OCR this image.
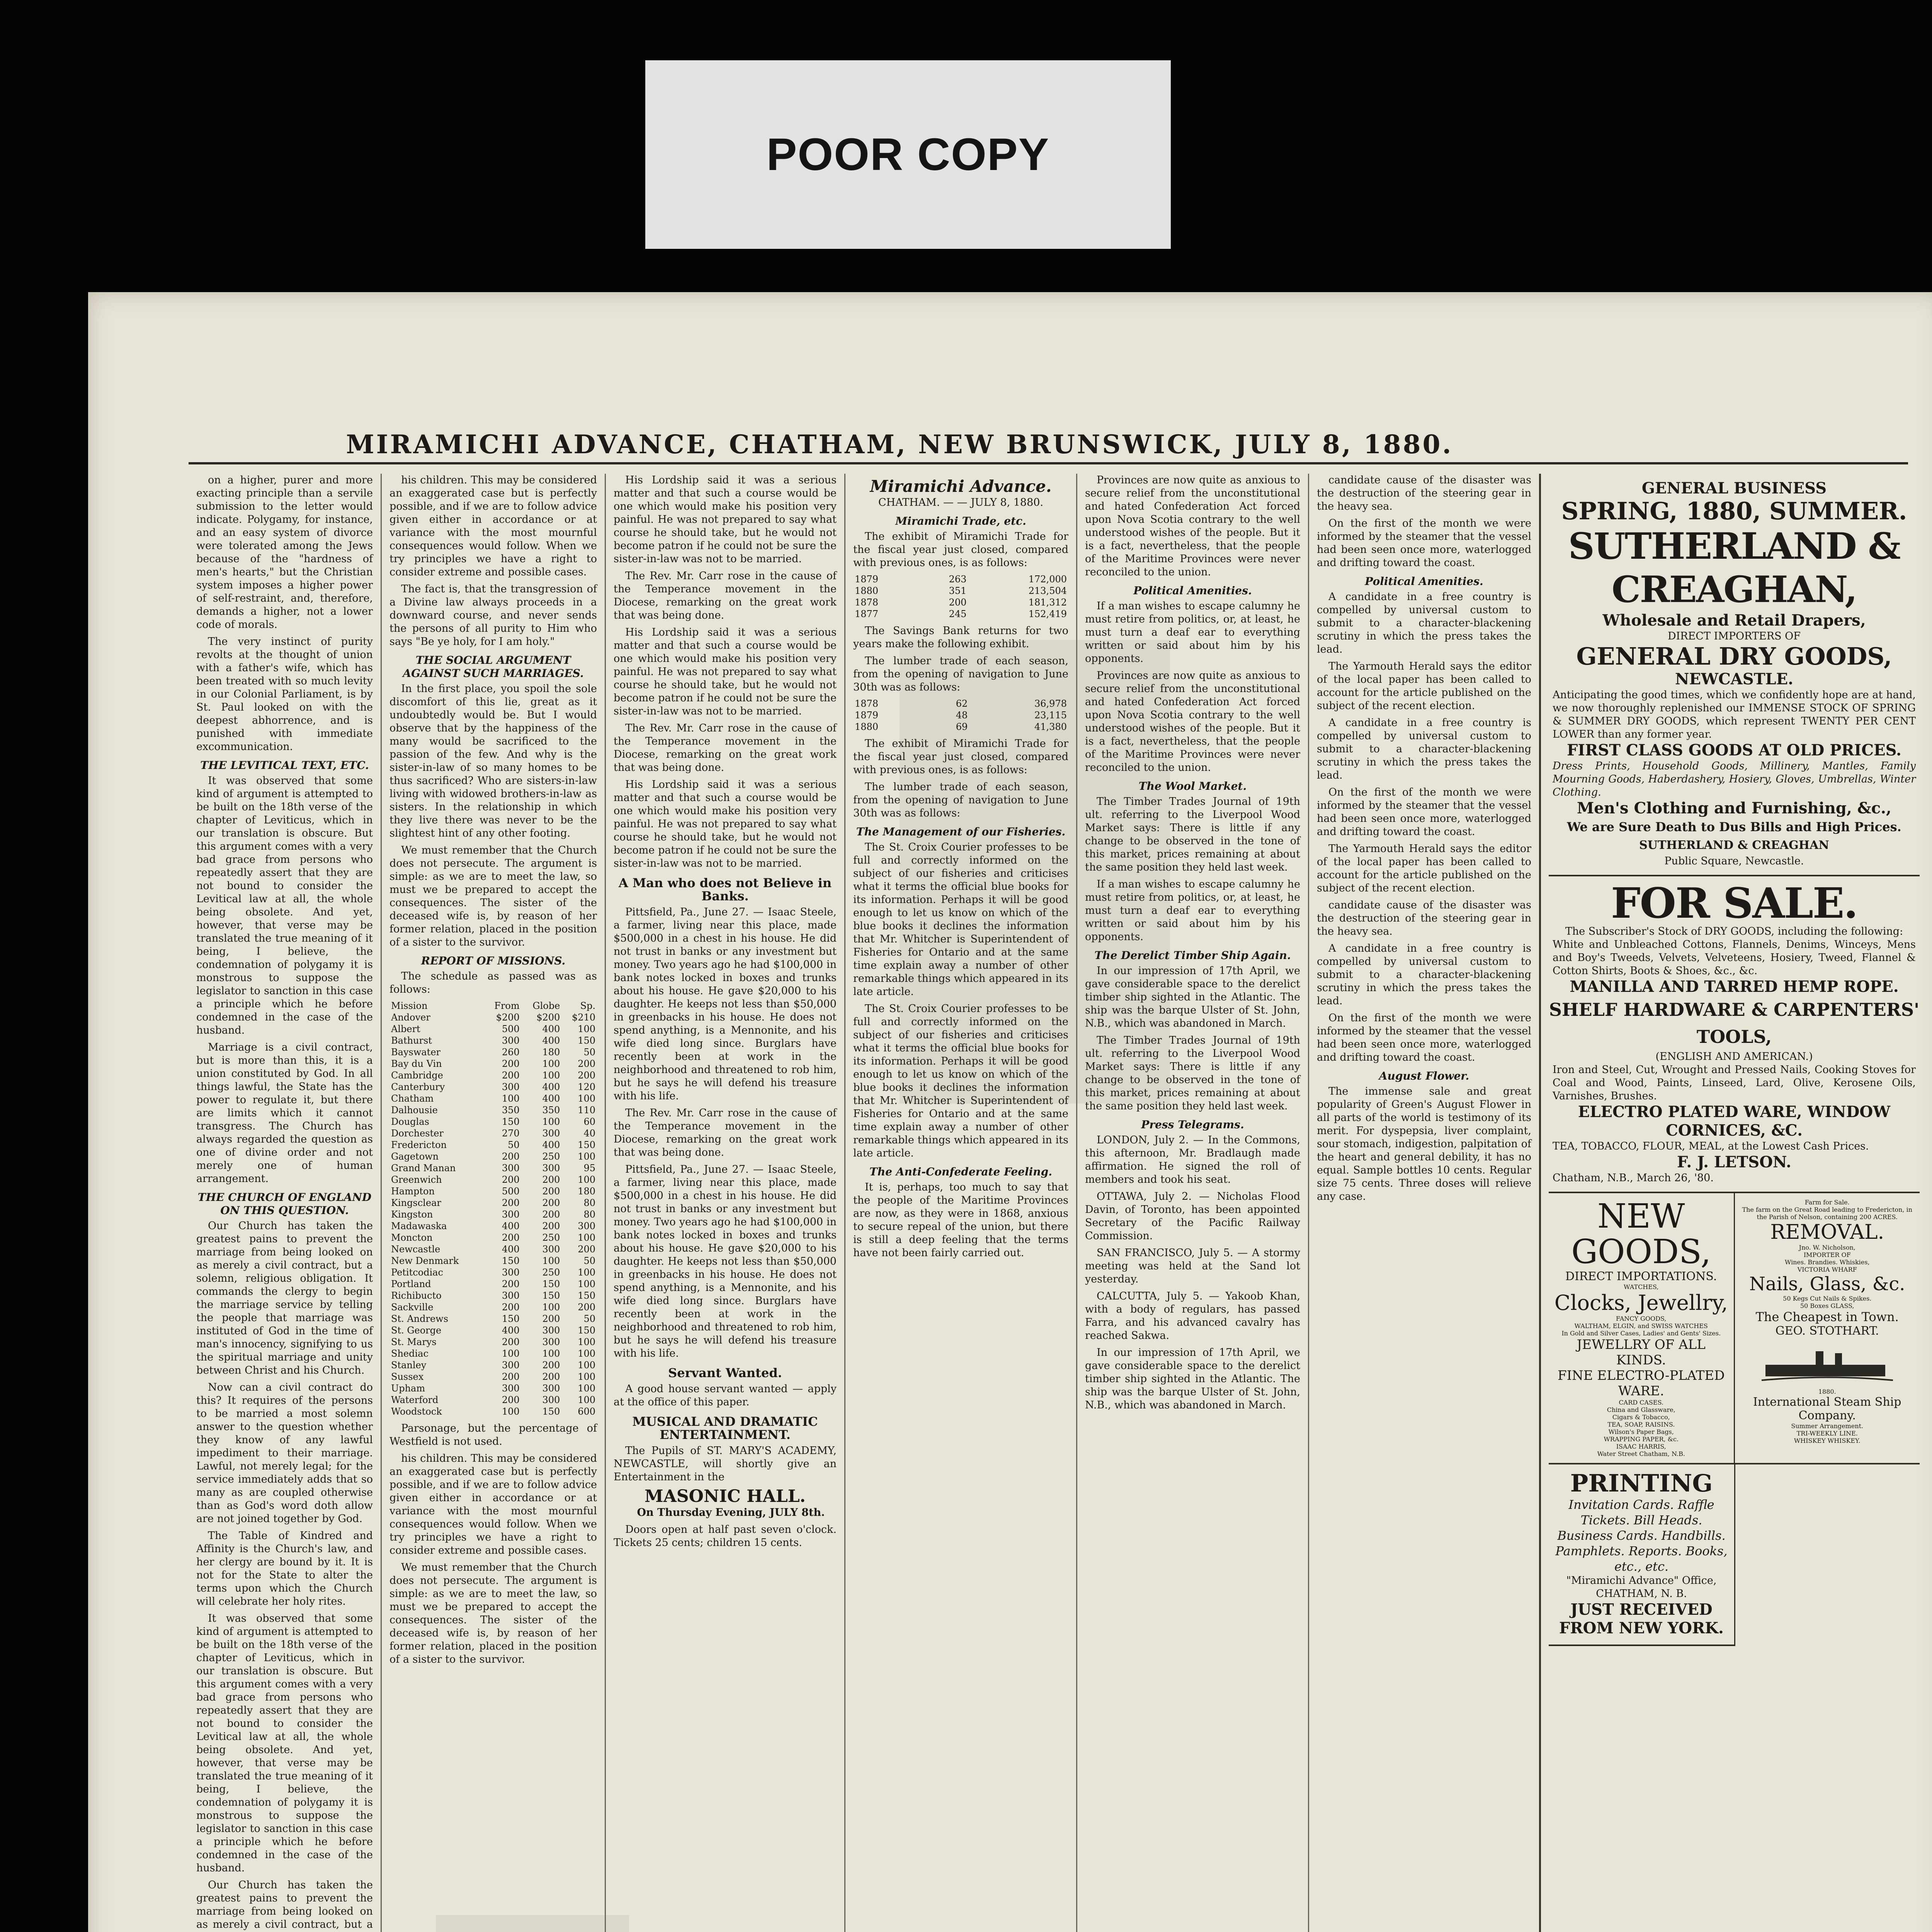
POOR COPY
MIRAMICHI ADVANCE, CHATHAM, NEW BRUNSWICK, JULY 8, 1880.

on a higher, purer and more exacting principle than a servile submission to the letter would indicate. Polygamy, for instance, and an easy system of divorce were tolerated among the Jews because of the "hardness of men's hearts," but the Christian system imposes a higher power of self-restraint, and, therefore, demands a higher, not a lower code of morals.

The very instinct of purity revolts at the thought of union with a father's wife, which has been treated with so much levity in our Colonial Parliament, is by St. Paul looked on with the deepest abhorrence, and is punished with immediate excommunication.

THE LEVITICAL TEXT, ETC.

It was observed that some kind of argument is attempted to be built on the 18th verse of the chapter of Leviticus, which in our translation is obscure. But this argument comes with a very bad grace from persons who repeatedly assert that they are not bound to consider the Levitical law at all, the whole being obsolete. And yet, however, that verse may be translated the true meaning of it being, I believe, the condemnation of polygamy it is monstrous to suppose the legislator to sanction in this case a principle which he before condemned in the case of the husband.

Marriage is a civil contract, but is more than this, it is a union constituted by God. In all things lawful, the State has the power to regulate it, but there are limits which it cannot transgress. The Church has always regarded the question as one of divine order and not merely one of human arrangement.

THE CHURCH OF ENGLAND ON THIS QUESTION.

Our Church has taken the greatest pains to prevent the marriage from being looked on as merely a civil contract, but a solemn, religious obligation. It commands the clergy to begin the marriage service by telling the people that marriage was instituted of God in the time of man's innocency, signifying to us the spiritual marriage and unity between Christ and his Church.

Now can a civil contract do this? It requires of the persons to be married a most solemn answer to the question whether they know of any lawful impediment to their marriage. Lawful, not merely legal; for the service immediately adds that so many as are coupled otherwise than as God's word doth allow are not joined together by God.

The Table of Kindred and Affinity is the Church's law, and her clergy are bound by it. It is not for the State to alter the terms upon which the Church will celebrate her holy rites.

It was observed that some kind of argument is attempted to be built on the 18th verse of the chapter of Leviticus, which in our translation is obscure. But this argument comes with a very bad grace from persons who repeatedly assert that they are not bound to consider the Levitical law at all, the whole being obsolete. And yet, however, that verse may be translated the true meaning of it being, I believe, the condemnation of polygamy it is monstrous to suppose the legislator to sanction in this case a principle which he before condemned in the case of the husband.

Our Church has taken the greatest pains to prevent the marriage from being looked on as merely a civil contract, but a

his children. This may be considered an exaggerated case but is perfectly possible, and if we are to follow advice given either in accordance or at variance with the most mournful consequences would follow. When we try principles we have a right to consider extreme and possible cases.

The fact is, that the transgression of a Divine law always proceeds in a downward course, and never sends the persons of all purity to Him who says "Be ye holy, for I am holy."

THE SOCIAL ARGUMENT AGAINST SUCH MARRIAGES.

In the first place, you spoil the sole discomfort of this lie, great as it undoubtedly would be. But I would observe that by the happiness of the many would be sacrificed to the passion of the few. And why is the sister-in-law of so many homes to be thus sacrificed? Who are sisters-in-law living with widowed brothers-in-law as sisters. In the relationship in which they live there was never to be the slightest hint of any other footing.

We must remember that the Church does not persecute. The argument is simple: as we are to meet the law, so must we be prepared to accept the consequences. The sister of the deceased wife is, by reason of her former relation, placed in the position of a sister to the survivor.

REPORT OF MISSIONS.

The schedule as passed was as follows:

Mission	From	Globe	Sp.
Andover	$200	$200	$210
Albert	500	400	100
Bathurst	300	400	150
Bayswater	260	180	50
Bay du Vin	200	100	200
Cambridge	200	100	200
Canterbury	300	400	120
Chatham	100	400	100
Dalhousie	350	350	110
Douglas	150	100	60
Dorchester	270	300	40
Fredericton	50	400	150
Gagetown	200	250	100
Grand Manan	300	300	95
Greenwich	200	200	100
Hampton	500	200	180
Kingsclear	200	200	80
Kingston	300	200	80
Madawaska	400	200	300
Moncton	200	250	100
Newcastle	400	300	200
New Denmark	150	100	50
Petitcodiac	300	250	100
Portland	200	150	100
Richibucto	300	150	150
Sackville	200	100	200
St. Andrews	150	200	50
St. George	400	300	150
St. Marys	200	300	100
Shediac	100	100	100
Stanley	300	200	100
Sussex	200	200	100
Upham	300	300	100
Waterford	200	300	100
Woodstock	100	150	600

Parsonage, but the percentage of Westfield is not used.

his children. This may be considered an exaggerated case but is perfectly possible, and if we are to follow advice given either in accordance or at variance with the most mournful consequences would follow. When we try principles we have a right to consider extreme and possible cases.

We must remember that the Church does not persecute. The argument is simple: as we are to meet the law, so must we be prepared to accept the consequences. The sister of the deceased wife is, by reason of her former relation, placed in the position of a sister to the survivor.

His Lordship said it was a serious matter and that such a course would be one which would make his position very painful. He was not prepared to say what course he should take, but he would not become patron if he could not be sure the sister-in-law was not to be married.

The Rev. Mr. Carr rose in the cause of the Temperance movement in the Diocese, remarking on the great work that was being done.

His Lordship said it was a serious matter and that such a course would be one which would make his position very painful. He was not prepared to say what course he should take, but he would not become patron if he could not be sure the sister-in-law was not to be married.

The Rev. Mr. Carr rose in the cause of the Temperance movement in the Diocese, remarking on the great work that was being done.

His Lordship said it was a serious matter and that such a course would be one which would make his position very painful. He was not prepared to say what course he should take, but he would not become patron if he could not be sure the sister-in-law was not to be married.

A Man who does not Believe in Banks.

Pittsfield, Pa., June 27. — Isaac Steele, a farmer, living near this place, made $500,000 in a chest in his house. He did not trust in banks or any investment but money. Two years ago he had $100,000 in bank notes locked in boxes and trunks about his house. He gave $20,000 to his daughter. He keeps not less than $50,000 in greenbacks in his house. He does not spend anything, is a Mennonite, and his wife died long since. Burglars have recently been at work in the neighborhood and threatened to rob him, but he says he will defend his treasure with his life.

The Rev. Mr. Carr rose in the cause of the Temperance movement in the Diocese, remarking on the great work that was being done.

Pittsfield, Pa., June 27. — Isaac Steele, a farmer, living near this place, made $500,000 in a chest in his house. He did not trust in banks or any investment but money. Two years ago he had $100,000 in bank notes locked in boxes and trunks about his house. He gave $20,000 to his daughter. He keeps not less than $50,000 in greenbacks in his house. He does not spend anything, is a Mennonite, and his wife died long since. Burglars have recently been at work in the neighborhood and threatened to rob him, but he says he will defend his treasure with his life.

Servant Wanted.

A good house servant wanted — apply at the office of this paper.

MUSICAL AND DRAMATIC ENTERTAINMENT.

The Pupils of ST. MARY'S ACADEMY, NEWCASTLE, will shortly give an Entertainment in the

MASONIC HALL.

On Thursday Evening, JULY 8th.

Doors open at half past seven o'clock. Tickets 25 cents; children 15 cents.

Miramichi Advance.

CHATHAM. — — JULY 8, 1880.

Miramichi Trade, etc.

The exhibit of Miramichi Trade for the fiscal year just closed, compared with previous ones, is as follows:

1879	263	172,000
1880	351	213,504
1878	200	181,312
1877	245	152,419

The Savings Bank returns for two years make the following exhibit.

The lumber trade of each season, from the opening of navigation to June 30th was as follows:

1878	62	36,978
1879	48	23,115
1880	69	41,380

The exhibit of Miramichi Trade for the fiscal year just closed, compared with previous ones, is as follows:

The lumber trade of each season, from the opening of navigation to June 30th was as follows:

The Management of our Fisheries.

The St. Croix Courier professes to be full and correctly informed on the subject of our fisheries and criticises what it terms the official blue books for its information. Perhaps it will be good enough to let us know on which of the blue books it declines the information that Mr. Whitcher is Superintendent of Fisheries for Ontario and at the same time explain away a number of other remarkable things which appeared in its late article.

The St. Croix Courier professes to be full and correctly informed on the subject of our fisheries and criticises what it terms the official blue books for its information. Perhaps it will be good enough to let us know on which of the blue books it declines the information that Mr. Whitcher is Superintendent of Fisheries for Ontario and at the same time explain away a number of other remarkable things which appeared in its late article.

The Anti-Confederate Feeling.

It is, perhaps, too much to say that the people of the Maritime Provinces are now, as they were in 1868, anxious to secure repeal of the union, but there is still a deep feeling that the terms have not been fairly carried out.

Provinces are now quite as anxious to secure relief from the unconstitutional and hated Confederation Act forced upon Nova Scotia contrary to the well understood wishes of the people. But it is a fact, nevertheless, that the people of the Maritime Provinces were never reconciled to the union.

Political Amenities.

If a man wishes to escape calumny he must retire from politics, or, at least, he must turn a deaf ear to everything written or said about him by his opponents.

Provinces are now quite as anxious to secure relief from the unconstitutional and hated Confederation Act forced upon Nova Scotia contrary to the well understood wishes of the people. But it is a fact, nevertheless, that the people of the Maritime Provinces were never reconciled to the union.

The Wool Market.

The Timber Trades Journal of 19th ult. referring to the Liverpool Wood Market says: There is little if any change to be observed in the tone of this market, prices remaining at about the same position they held last week.

If a man wishes to escape calumny he must retire from politics, or, at least, he must turn a deaf ear to everything written or said about him by his opponents.

The Derelict Timber Ship Again.

In our impression of 17th April, we gave considerable space to the derelict timber ship sighted in the Atlantic. The ship was the barque Ulster of St. John, N.B., which was abandoned in March.

The Timber Trades Journal of 19th ult. referring to the Liverpool Wood Market says: There is little if any change to be observed in the tone of this market, prices remaining at about the same position they held last week.

Press Telegrams.

LONDON, July 2. — In the Commons, this afternoon, Mr. Bradlaugh made affirmation. He signed the roll of members and took his seat.

OTTAWA, July 2. — Nicholas Flood Davin, of Toronto, has been appointed Secretary of the Pacific Railway Commission.

SAN FRANCISCO, July 5. — A stormy meeting was held at the Sand lot yesterday.

CALCUTTA, July 5. — Yakoob Khan, with a body of regulars, has passed Farra, and his advanced cavalry has reached Sakwa.

In our impression of 17th April, we gave considerable space to the derelict timber ship sighted in the Atlantic. The ship was the barque Ulster of St. John, N.B., which was abandoned in March.

candidate cause of the disaster was the destruction of the steering gear in the heavy sea.

On the first of the month we were informed by the steamer that the vessel had been seen once more, waterlogged and drifting toward the coast.

Political Amenities.

A candidate in a free country is compelled by universal custom to submit to a character-blackening scrutiny in which the press takes the lead.

The Yarmouth Herald says the editor of the local paper has been called to account for the article published on the subject of the recent election.

A candidate in a free country is compelled by universal custom to submit to a character-blackening scrutiny in which the press takes the lead.

On the first of the month we were informed by the steamer that the vessel had been seen once more, waterlogged and drifting toward the coast.

The Yarmouth Herald says the editor of the local paper has been called to account for the article published on the subject of the recent election.

candidate cause of the disaster was the destruction of the steering gear in the heavy sea.

A candidate in a free country is compelled by universal custom to submit to a character-blackening scrutiny in which the press takes the lead.

On the first of the month we were informed by the steamer that the vessel had been seen once more, waterlogged and drifting toward the coast.

August Flower.

The immense sale and great popularity of Green's August Flower in all parts of the world is testimony of its merit. For dyspepsia, liver complaint, sour stomach, indigestion, palpitation of the heart and general debility, it has no equal. Sample bottles 10 cents. Regular size 75 cents. Three doses will relieve any case.

GENERAL BUSINESS
SPRING, 1880, SUMMER.
SUTHERLAND & CREAGHAN,
Wholesale and Retail Drapers,
DIRECT IMPORTERS OF
GENERAL DRY GOODS,
NEWCASTLE.
Anticipating the good times, which we confidently hope are at hand, we now thoroughly replenished our IMMENSE STOCK OF SPRING & SUMMER DRY GOODS, which represent TWENTY PER CENT LOWER than any former year.
FIRST CLASS GOODS AT OLD PRICES.
Dress Prints, Household Goods, Millinery, Mantles, Family Mourning Goods, Haberdashery, Hosiery, Gloves, Umbrellas, Winter Clothing.
Men's Clothing and Furnishing, &c.,
We are Sure Death to Dus Bills and High Prices.
SUTHERLAND & CREAGHAN
Public Square, Newcastle.
FOR SALE.
The Subscriber's Stock of DRY GOODS, including the following:
White and Unbleached Cottons, Flannels, Denims, Winceys, Mens and Boy's Tweeds, Velvets, Velveteens, Hosiery, Tweed, Flannel & Cotton Shirts, Boots & Shoes, &c., &c.
MANILLA AND TARRED HEMP ROPE.
SHELF HARDWARE & CARPENTERS' TOOLS,
(ENGLISH AND AMERICAN.)
Iron and Steel, Cut, Wrought and Pressed Nails, Cooking Stoves for Coal and Wood, Paints, Linseed, Lard, Olive, Kerosene Oils, Varnishes, Brushes.
ELECTRO PLATED WARE, WINDOW CORNICES, &C.
TEA, TOBACCO, FLOUR, MEAL, at the Lowest Cash Prices.
F. J. LETSON.
Chatham, N.B., March 26, '80.
NEW GOODS,
DIRECT IMPORTATIONS.
WATCHES,
Clocks, Jewellry,
FANCY GOODS,
WALTHAM, ELGIN, and SWISS WATCHES
In Gold and Silver Cases, Ladies' and Gents' Sizes.
JEWELLRY OF ALL KINDS.
FINE ELECTRO-PLATED WARE.
CARD CASES.
China and Glassware,
Cigars & Tobacco,
TEA, SOAP, RAISINS.
Wilson's Paper Bags,
WRAPPING PAPER, &c.
ISAAC HARRIS,
Water Street Chatham, N.B.
Farm for Sale.
The farm on the Great Road leading to Fredericton, in the Parish of Nelson, containing 200 ACRES.
REMOVAL.
Jno. W. Nicholson,
IMPORTER OF
Wines. Brandies. Whiskies,
VICTORIA WHARF
Nails, Glass, &c.
50 Kegs Cut Nails & Spikes.
50 Boxes GLASS,
The Cheapest in Town.
GEO. STOTHART.
1880.
International Steam Ship Company.
Summer Arrangement.
TRI-WEEKLY LINE.
WHISKEY WHISKEY.
PRINTING
Invitation Cards. Raffle Tickets. Bill Heads. Business Cards. Handbills. Pamphlets. Reports. Books, etc., etc.
"Miramichi Advance" Office, CHATHAM, N. B.
JUST RECEIVED
FROM NEW YORK.
